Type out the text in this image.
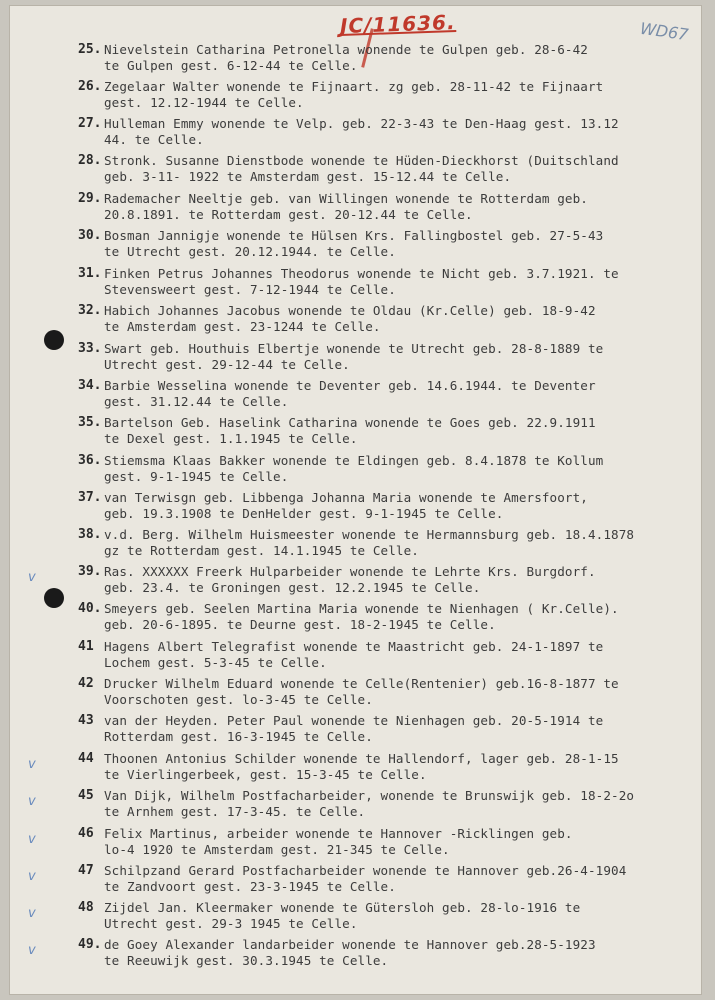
JC/11636.	WD67
25. Nievelstein Catharina Petronella wonende te Gulpen geb. 28-6-42
te Gulpen gest. 6-12-44 te Celle.
26. Zegelaar Walter wonende te Fijnaart. zg geb. 28-11-42 te Fijnaart
gest. 12.12-1944 te Celle.
27. Hulleman Emmy wonende te Velp. geb. 22-3-43 te Den-Haag gest. 13.12
44. te Celle.
28. Stronk. Susanne Dienstbode wonende te Hüden-Dieckhorst (Duitschland
geb. 3-11- 1922 te Amsterdam gest. 15-12.44 te Celle.
29. Rademacher Neeltje geb. van Willingen wonende te Rotterdam geb.
20.8.1891. te Rotterdam gest. 20-12.44 te Celle.
30. Bosman Jannigje wonende te Hülsen Krs. Fallingbostel geb. 27-5-43
te Utrecht gest. 20.12.1944. te Celle.
31. Finken Petrus Johannes Theodorus wonende te Nicht geb. 3.7.1921. te
Stevensweert gest. 7-12-1944 te Celle.
32. Habich Johannes Jacobus wonende te Oldau (Kr.Celle) geb. 18-9-42
te Amsterdam gest. 23-1244 te Celle.
33. Swart geb. Houthuis Elbertje wonende te Utrecht geb. 28-8-1889 te
Utrecht gest. 29-12-44 te Celle.
34. Barbie Wesselina wonende te Deventer geb. 14.6.1944. te Deventer
gest. 31.12.44 te Celle.
35. Bartelson Geb. Haselink Catharina wonende te Goes geb. 22.9.1911
te Dexel gest. 1.1.1945 te Celle.
36. Stiemsma Klaas Bakker wonende te Eldingen geb. 8.4.1878 te Kollum
gest. 9-1-1945 te Celle.
37. van Terwisgn geb. Libbenga Johanna Maria wonende te Amersfoort,
geb. 19.3.1908 te DenHelder gest. 9-1-1945 te Celle.
38. v.d. Berg. Wilhelm Huismeester wonende te Hermannsburg geb. 18.4.1878
gz te Rotterdam gest. 14.1.1945 te Celle.
39. Ras. XXXXXX Freerk Hulparbeider wonende te Lehrte Krs. Burgdorf.
geb. 23.4. te Groningen gest. 12.2.1945 te Celle.
v
40. Smeyers geb. Seelen Martina Maria wonende te Nienhagen ( Kr.Celle).
geb. 20-6-1895. te Deurne gest. 18-2-1945 te Celle.
41 Hagens Albert Telegrafist wonende te Maastricht geb. 24-1-1897 te
Lochem gest. 5-3-45 te Celle.
42 Drucker Wilhelm Eduard wonende te Celle(Rentenier) geb.16-8-1877 te
Voorschoten gest. lo-3-45 te Celle.
43 van der Heyden. Peter Paul wonende te Nienhagen geb. 20-5-1914 te
Rotterdam gest. 16-3-1945 te Celle.
44 Thoonen Antonius Schilder wonende te Hallendorf, lager geb. 28-1-15
te Vierlingerbeek, gest. 15-3-45 te Celle.
v
45 Van Dijk, Wilhelm Postfacharbeider, wonende te Brunswijk geb. 18-2-2o
te Arnhem gest. 17-3-45. te Celle.
v
46 Felix Martinus, arbeider wonende te Hannover -Ricklingen geb.
lo-4 1920 te Amsterdam gest. 21-345 te Celle.
v
47 Schilpzand Gerard Postfacharbeider wonende te Hannover geb.26-4-1904
te Zandvoort gest. 23-3-1945 te Celle.
v
48 Zijdel Jan. Kleermaker wonende te Gütersloh geb. 28-lo-1916 te
Utrecht gest. 29-3 1945 te Celle.
v
49. de Goey Alexander landarbeider wonende te Hannover geb.28-5-1923
te Reeuwijk gest. 30.3.1945 te Celle.
v
